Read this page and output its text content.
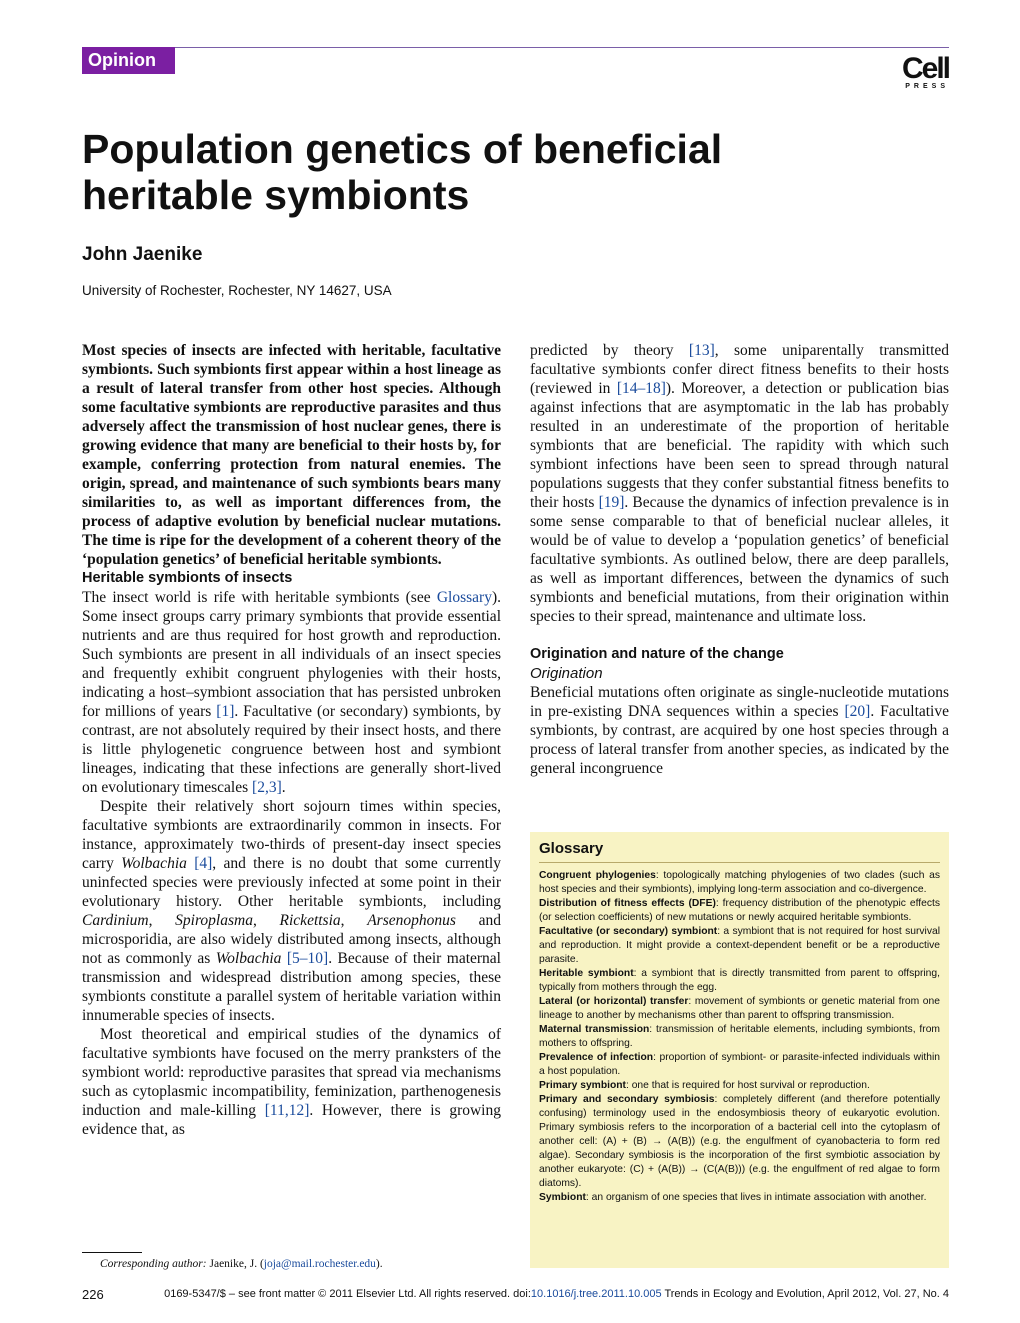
Opinion	Cell
PRESS
Population genetics of beneficial
heritable symbionts
John Jaenike
University of Rochester, Rochester, NY 14627, USA

Most species of insects are infected with heritable, facultative symbionts. Such symbionts first appear within a host lineage as a result of lateral transfer from other host species. Although some facultative symbionts are reproductive parasites and thus adversely affect the transmission of host nuclear genes, there is growing evidence that many are beneficial to their hosts by, for example, conferring protection from natural enemies. The origin, spread, and maintenance of such symbionts bears many similarities to, as well as important differences from, the process of adaptive evolution by beneficial nuclear mutations. The time is ripe for the development of a coherent theory of the ‘population genetics’ of beneficial heritable symbionts.

Heritable symbionts of insects

The insect world is rife with heritable symbionts (see Glossary). Some insect groups carry primary symbionts that provide essential nutrients and are thus required for host growth and reproduction. Such symbionts are present in all individuals of an insect species and frequently exhibit congruent phylogenies with their hosts, indicating a host–symbiont association that has persisted unbroken for millions of years [1]. Facultative (or secondary) symbionts, by contrast, are not absolutely required by their insect hosts, and there is little phylogenetic congruence between host and symbiont lineages, indicating that these infections are generally short-lived on evolutionary timescales [2,3].

Despite their relatively short sojourn times within species, facultative symbionts are extraordinarily common in insects. For instance, approximately two-thirds of present-day insect species carry Wolbachia [4], and there is no doubt that some currently uninfected species were previously infected at some point in their evolutionary history. Other heritable symbionts, including Cardinium, Spiroplasma, Rickettsia, Arsenophonus and microsporidia, are also widely distributed among insects, although not as commonly as Wolbachia [5–10]. Because of their maternal transmission and widespread distribution among species, these symbionts constitute a parallel system of heritable variation within innumerable species of insects.

Most theoretical and empirical studies of the dynamics of facultative symbionts have focused on the merry pranksters of the symbiont world: reproductive parasites that spread via mechanisms such as cytoplasmic incompatibility, feminization, parthenogenesis induction and male-killing [11,12]. However, there is growing evidence that, as

predicted by theory [13], some uniparentally transmitted facultative symbionts confer direct fitness benefits to their hosts (reviewed in [14–18]). Moreover, a detection or publication bias against infections that are asymptomatic in the lab has probably resulted in an underestimate of the proportion of heritable symbionts that are beneficial. The rapidity with which such symbiont infections have been seen to spread through natural populations suggests that they confer substantial fitness benefits to their hosts [19]. Because the dynamics of infection prevalence is in some sense comparable to that of beneficial nuclear alleles, it would be of value to develop a ‘population genetics’ of beneficial facultative symbionts. As outlined below, there are deep parallels, as well as important differences, between the dynamics of such symbionts and beneficial mutations, from their origination within species to their spread, maintenance and ultimate loss.

Origination and nature of the change
Origination

Beneficial mutations often originate as single-nucleotide mutations in pre-existing DNA sequences within a species [20]. Facultative symbionts, by contrast, are acquired by one host species through a process of lateral transfer from another species, as indicated by the general incongruence

Glossary

Congruent phylogenies: topologically matching phylogenies of two clades (such as host species and their symbionts), implying long-term association and co-divergence.

Distribution of fitness effects (DFE): frequency distribution of the phenotypic effects (or selection coefficients) of new mutations or newly acquired heritable symbionts.

Facultative (or secondary) symbiont: a symbiont that is not required for host survival and reproduction. It might provide a context-dependent benefit or be a reproductive parasite.

Heritable symbiont: a symbiont that is directly transmitted from parent to offspring, typically from mothers through the egg.

Lateral (or horizontal) transfer: movement of symbionts or genetic material from one lineage to another by mechanisms other than parent to offspring transmission.

Maternal transmission: transmission of heritable elements, including symbionts, from mothers to offspring.

Prevalence of infection: proportion of symbiont- or parasite-infected individuals within a host population.

Primary symbiont: one that is required for host survival or reproduction.

Primary and secondary symbiosis: completely different (and therefore potentially confusing) terminology used in the endosymbiosis theory of eukaryotic evolution. Primary symbiosis refers to the incorporation of a bacterial cell into the cytoplasm of another cell: (A) + (B) → (A(B)) (e.g. the engulfment of cyanobacteria to form red algae). Secondary symbiosis is the incorporation of the first symbiotic association by another eukaryote: (C) + (A(B)) → (C(A(B))) (e.g. the engulfment of red algae to form diatoms).

Symbiont: an organism of one species that lives in intimate association with another.

Corresponding author: Jaenike, J. (joja@mail.rochester.edu).
226	0169-5347/$ – see front matter © 2011 Elsevier Ltd. All rights reserved. doi:10.1016/j.tree.2011.10.005 Trends in Ecology and Evolution, April 2012, Vol. 27, No. 4
